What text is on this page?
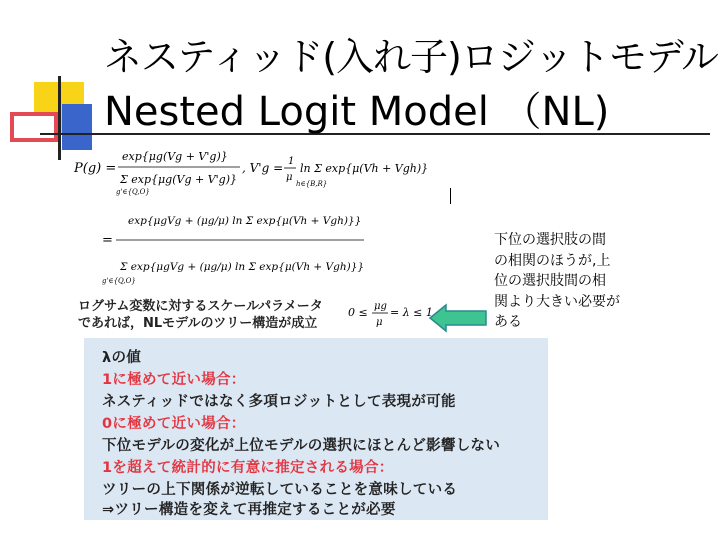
ネスティッド(入れ子)ロジットモデル
Nested Logit Model （NL)
P(g) =
exp{μg(Vg + V'g)}
Σ exp{μg(Vg + V'g)}
g'∈{Q,O}
, V'g = 1
μ
ln Σ exp{μ(Vh + Vgh)}
h∈{B,R}
=
exp{μgVg + (μg/μ) ln Σ exp{μ(Vh + Vgh)}}
Σ exp{μgVg + (μg/μ) ln Σ exp{μ(Vh + Vgh)}}
g'∈{Q,O}
下位の選択肢の間
の相関のほうが,上
位の選択肢間の相
関より大きい必要が
ある
ログサム変数に対するスケールパラメータ
であれば，NLモデルのツリー構造が成立
0 ≤ μg
μ
= λ ≤ 1
λの値
1に極めて近い場合：
ネスティッドではなく多項ロジットとして表現が可能
0に極めて近い場合：
下位モデルの変化が上位モデルの選択にほとんど影響しない
1を超えて統計的に有意に推定される場合：
ツリーの上下関係が逆転していることを意味している
⇒ツリー構造を変えて再推定することが必要
